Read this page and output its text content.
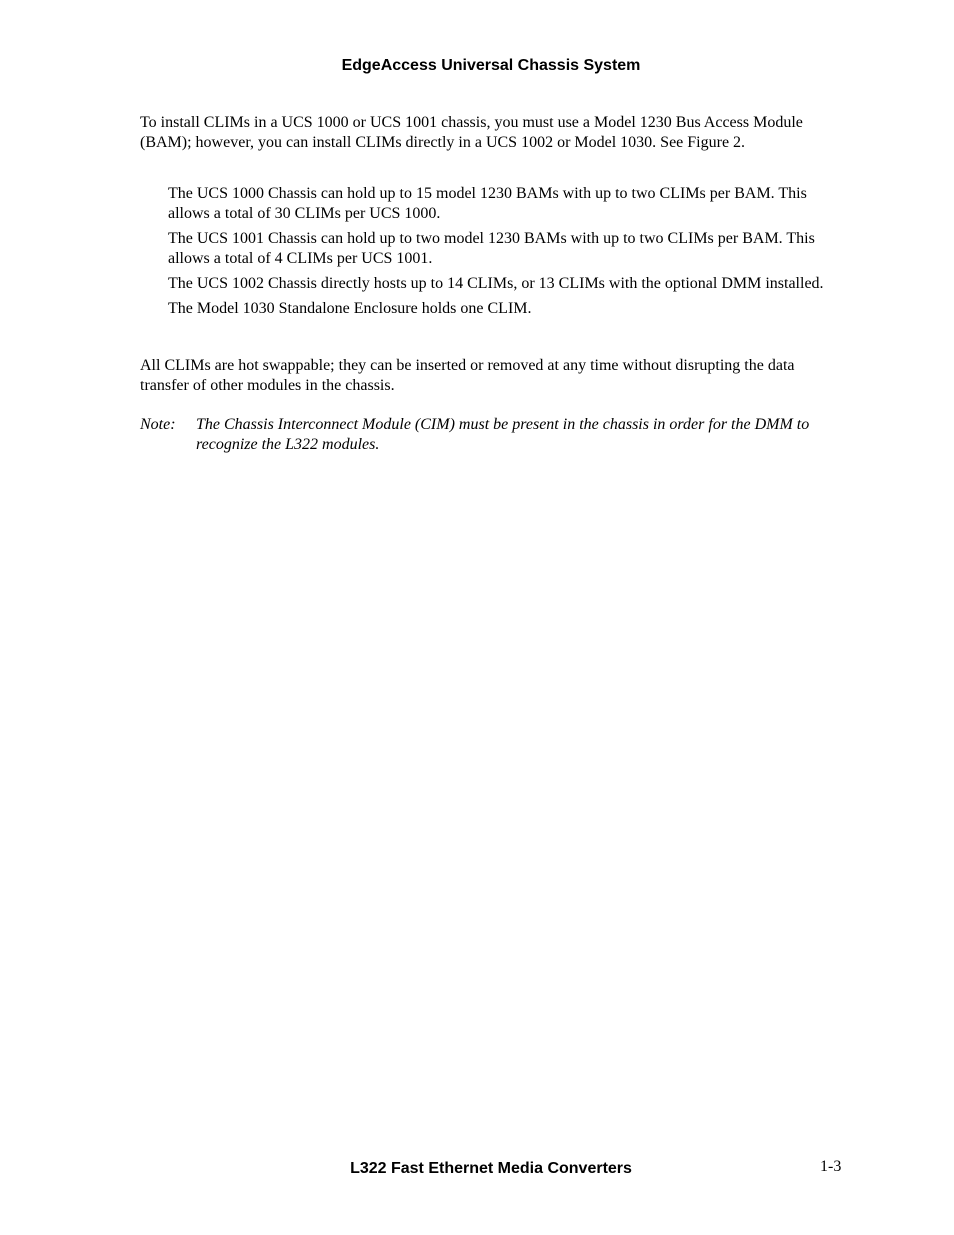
EdgeAccess Universal Chassis System

To install CLIMs in a UCS 1000 or UCS 1001 chassis, you must use a Model 1230 Bus Access Module (BAM); however, you can install CLIMs directly in a UCS 1002 or Model 1030. See Figure 2.

The UCS 1000 Chassis can hold up to 15 model 1230 BAMs with up to two CLIMs per BAM. This allows a total of 30 CLIMs per UCS 1000.
The UCS 1001 Chassis can hold up to two model 1230 BAMs with up to two CLIMs per BAM. This allows a total of 4 CLIMs per UCS 1001.
The UCS 1002 Chassis directly hosts up to 14 CLIMs, or 13 CLIMs with the optional DMM installed.
The Model 1030 Standalone Enclosure holds one CLIM.

All CLIMs are hot swappable; they can be inserted or removed at any time without disrupting the data transfer of other modules in the chassis.

Note:	The Chassis Interconnect Module (CIM) must be present in the chassis in order for the DMM to recognize the L322 modules.
L322 Fast Ethernet Media Converters	1-3
